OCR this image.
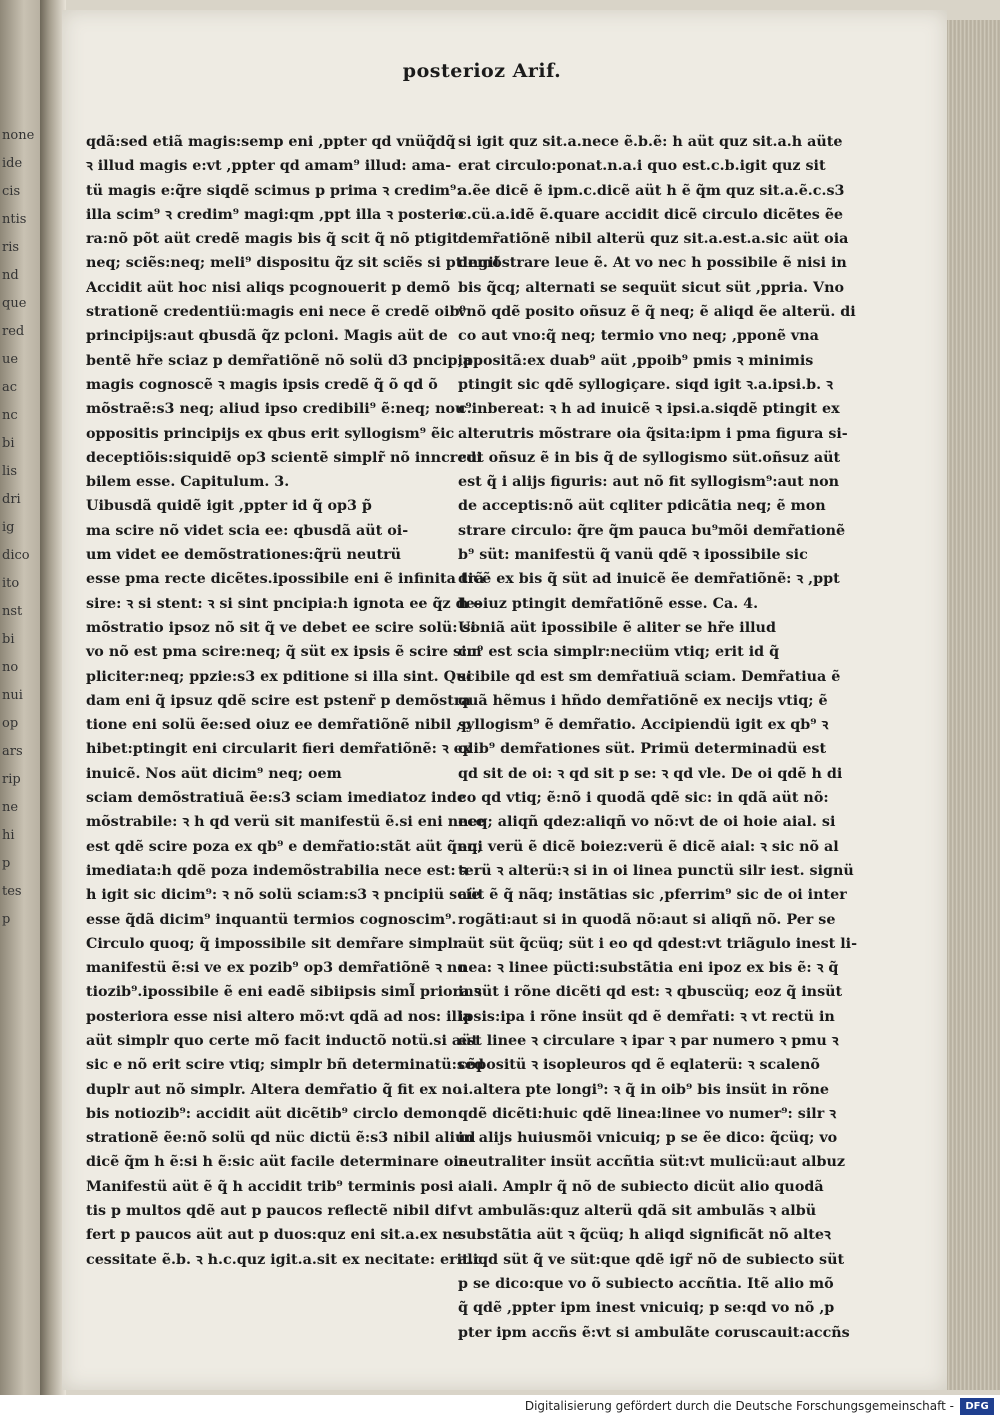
none
ide
cis
ntis
ris
nd
que
red
ue
ac
nc
bi
lis
dri
ig
dico
ito
nst
bi
no
nui
op
ars
rip
ne
hi
p
tes
p
posterioz Arif.
qdã:sed etiã magis:semp eni ,ppter qd vnüq̃dq̃
ꝛ illud magis e:vt ,ppter qd amam⁹ illud: ama-
tü magis e:q̃re siqdẽ scimus p prima ꝛ credim⁹:
illa scim⁹ ꝛ credim⁹ magi:qm ,ppt illa ꝛ posterio
ra:nõ põt aüt credẽ magis bis q̃ scit q̃ nõ ptigit
neq; sciẽs:neq; meli⁹ dispositu q̃z sit sciẽs si ptingit
Accidit aüt hoc nisi aliqs pcognouerit p demõ
strationẽ credentiü:magis eni nece ẽ credẽ oib⁹
principijs:aut qbusdã q̃z pcloni. Magis aüt de
bentẽ hr̃e sciaz p demr̃atiõnẽ nõ solü d3 pncipia
magis cognoscẽ ꝛ magis ipsis credẽ q̃ õ qd õ
mõstraẽ:s3 neq; aliud ipso credibili⁹ ẽ:neq; nou⁹
oppositis principijs ex qbus erit syllogism⁹ ẽic
deceptiõis:siquidẽ op3 scientẽ simplr̃ nõ inncredi
bilem esse. Capitulum. 3.
Uibusdã quidẽ igit ,ppter id q̃ op3 p̃
ma scire nõ videt scia ee: qbusdã aüt oi-
um videt ee demõstrationes:q̃rü neutrü
esse pma recte dicẽtes.ipossibile eni ẽ infinita trã
sire: ꝛ si stent: ꝛ si sint pncipia:h ignota ee q̃z de-
mõstratio ipsoz nõ sit q̃ ve debet ee scire solü: si
vo nõ est pma scire:neq; q̃ süt ex ipsis ẽ scire sim
pliciter:neq; ppzie:s3 ex pditione si illa sint. Qui
dam eni q̃ ipsuz qdẽ scire est pstenr̃ p demõstra
tione eni solü ẽe:sed oiuz ee demr̃atiõnẽ nibil ,p
hibet:ptingit eni circularit fieri demr̃atiõnẽ: ꝛ ex
inuicẽ. Nos aüt dicim⁹ neq; oem
sciam demõstratiuã ẽe:s3 sciam imediatoz inde
mõstrabile: ꝛ h qd verü sit manifestü ẽ.si eni nece
est qdẽ scire poza ex qb⁹ e demr̃atio:stãt aüt q̃nq;
imediata:h qdẽ poza indemõstrabilia nece est: ꝛ
h igit sic dicim⁹: ꝛ nõ solü sciam:s3 ꝛ pncipiü scie
esse q̃dã dicim⁹ inquantü termios cognoscim⁹.
Circulo quoq; q̃ impossibile sit demr̃are simplr
manifestü ẽ:si ve ex pozib⁹ op3 demr̃atiõnẽ ꝛ no
tiozib⁹.ipossibile ẽ eni eadẽ sibiipsis siml̃ priora ꝛ
posteriora esse nisi altero mõ:vt qdã ad nos: illa
aüt simplr quo certe mõ facit inductõ notü.si aüt
sic e nõ erit scire vtiq; simplr bñ determinatü:sed
duplr aut nõ simplr. Altera demr̃atio q̃ fit ex no
bis notiozib⁹: accidit aüt dicẽtib⁹ circlo demon
strationẽ ẽe:nõ solü qd nüc dictü ẽ:s3 nibil aliud
dicẽ q̃m h ẽ:si h ẽ:sic aüt facile determinare oia
Manifestü aüt ẽ q̃ h accidit trib⁹ terminis posi
tis p multos qdẽ aut p paucos reflectẽ nibil dif
fert p paucos aüt aut p duos:quz eni sit.a.ex ne
cessitate ẽ.b. ꝛ h.c.quz igit.a.sit ex necitate: erit.c.
si igit quz sit.a.nece ẽ.b.ẽ: h aüt quz sit.a.h aüte
erat circulo:ponat.n.a.i quo est.c.b.igit quz sit
a.ẽe dicẽ ẽ ipm.c.dicẽ aüt h ẽ q̃m quz sit.a.ẽ.c.s3
c.cü.a.idẽ ẽ.quare accidit dicẽ circulo dicẽtes ẽe
demr̃atiõnẽ nibil alterü quz sit.a.est.a.sic aüt oia
demõstrare leue ẽ. At vo nec h possibile ẽ nisi in
bis q̃cq; alternati se sequüt sicut süt ,ppria. Vno
vnõ qdẽ posito oñsuz ẽ q̃ neq; ẽ aliqd ẽe alterü. di
co aut vno:q̃ neq; termio vno neq; ,pponẽ vna
,ppositã:ex duab⁹ aüt ,ppoib⁹ pmis ꝛ minimis
ptingit sic qdẽ syllogiçare. siqd igit ꝛ.a.ipsi.b. ꝛ
c.inbereat: ꝛ h ad inuicẽ ꝛ ipsi.a.siqdẽ ptingit ex
alterutris mõstrare oia q̃sita:ipm i pma figura si-
cut oñsuz ẽ in bis q̃ de syllogismo süt.oñsuz aüt
est q̃ i alijs figuris: aut nõ fit syllogism⁹:aut non
de acceptis:nõ aüt cqliter pdicãtia neq; ẽ mon
strare circulo: q̃re q̃m pauca bu⁹mõi demr̃ationẽ
b⁹ süt: manifestü q̃ vanü qdẽ ꝛ ipossibile sic
dicẽ ex bis q̃ süt ad inuicẽ ẽe demr̃atiõnẽ: ꝛ ,ppt
h oiuz ptingit demr̃atiõnẽ esse. Ca. 4.
Uoniã aüt ipossibile ẽ aliter se hr̃e illud
cu⁹ est scia simplr:neciüm vtiq; erit id q̃
scibile qd est sm demr̃atiuã sciam. Demr̃atiua ẽ
quã hẽmus i hñdo demr̃atiõnẽ ex necijs vtiq; ẽ
syllogism⁹ ẽ demr̃atio. Accipiendü igit ex qb⁹ ꝛ
qlib⁹ demr̃ationes süt. Primü determinadü est
qd sit de oi: ꝛ qd sit p se: ꝛ qd vle. De oi qdẽ h di
co qd vtiq; ẽ:nõ i quodã qdẽ sic: in qdã aüt nõ:
neq; aliqñ qdez:aliqñ vo nõ:vt de oi hoie aial. si
eni verü ẽ dicẽ boiez:verü ẽ dicẽ aial: ꝛ sic nõ al
terü ꝛ alterü:ꝛ si in oi linea punctü silr iest. signü
aüt ẽ q̃ nãq; instãtias sic ,pferrim⁹ sic de oi inter
rogãti:aut si in quodã nõ:aut si aliqñ nõ. Per se
aüt süt q̃cüq; süt i eo qd qdest:vt triãgulo inest li-
nea: ꝛ linee pücti:substãtia eni ipoz ex bis ẽ: ꝛ q̃
insüt i rõne dicẽti qd est: ꝛ qbuscüq; eoz q̃ insüt
ipsis:ipa i rõne insüt qd ẽ demr̃ati: ꝛ vt rectü in
est linee ꝛ circulare ꝛ ipar ꝛ par numero ꝛ pmu ꝛ
cõpositü ꝛ isopleuros qd ẽ eqlaterü: ꝛ scalenõ
.i.altera pte longi⁹: ꝛ q̃ in oib⁹ bis insüt in rõne
qdẽ dicẽti:huic qdẽ linea:linee vo numer⁹: silr ꝛ
in alijs huiusmõi vnicuiq; p se ẽe dico: q̃cüq; vo
neutraliter insüt accñtia süt:vt mulicü:aut albuz
aiali. Amplr q̃ nõ de subiecto dicüt alio quodã
vt ambulãs:quz alterü qdã sit ambulãs ꝛ albü
substãtia aüt ꝛ q̃cüq; h aliqd significãt nõ alteꝛ
aliqd süt q̃ ve süt:que qdẽ igr̃ nõ de subiecto süt
p se dico:que vo õ subiecto accñtia. Itẽ alio mõ
q̃ qdẽ ,ppter ipm inest vnicuiq; p se:qd vo nõ ,p
pter ipm accñs ẽ:vt si ambulãte coruscauit:accñs
Digitalisierung gefördert durch die Deutsche Forschungsgemeinschaft -	DFG
